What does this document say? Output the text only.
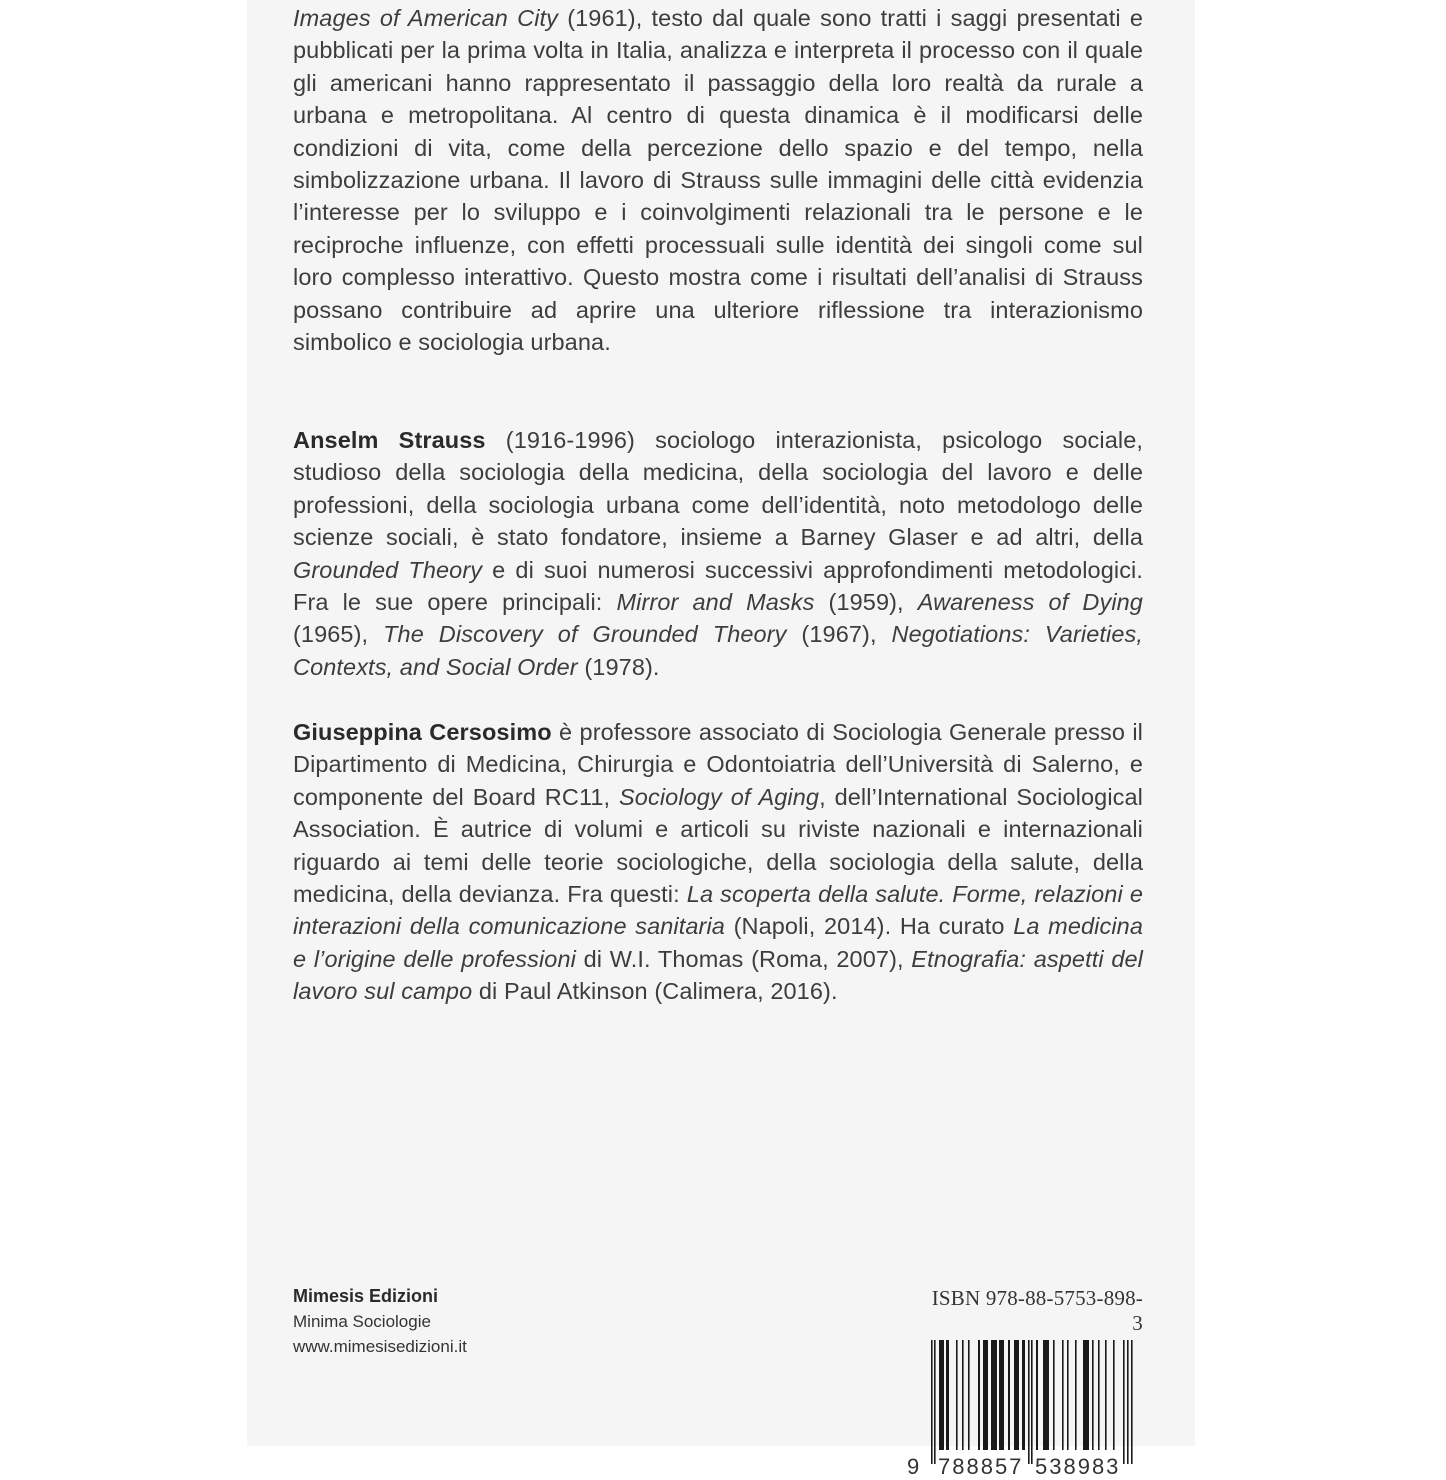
Images of American City (1961), testo dal quale sono tratti i saggi presentati e pubblicati per la prima volta in Italia, analizza e interpreta il processo con il quale gli americani hanno rappresentato il passaggio della loro realtà da rurale a urbana e metropolitana. Al centro di questa dinamica è il modificarsi delle condizioni di vita, come della percezione dello spazio e del tempo, nella simbolizzazione urbana. Il lavoro di Strauss sulle immagini delle città evidenzia l’interesse per lo sviluppo e i coinvolgimenti relazionali tra le persone e le reciproche influenze, con effetti processuali sulle identità dei singoli come sul loro complesso interattivo. Questo mostra come i risultati dell’analisi di Strauss possano contribuire ad aprire una ulteriore riflessione tra interazionismo simbolico e sociologia urbana.
Anselm Strauss (1916-1996) sociologo interazionista, psicologo sociale, studioso della sociologia della medicina, della sociologia del lavoro e delle professioni, della sociologia urbana come dell’identità, noto metodologo delle scienze sociali, è stato fondatore, insieme a Barney Glaser e ad altri, della Grounded Theory e di suoi numerosi successivi approfondimenti metodologici. Fra le sue opere principali: Mirror and Masks (1959), Awareness of Dying (1965), The Discovery of Grounded Theory (1967), Negotiations: Varieties, Contexts, and Social Order (1978).
Giuseppina Cersosimo è professore associato di Sociologia Generale presso il Dipartimento di Medicina, Chirurgia e Odontoiatria dell’Università di Salerno, e componente del Board RC11, Sociology of Aging, dell’International Sociological Association. È autrice di volumi e articoli su riviste nazionali e internazionali riguardo ai temi delle teorie sociologiche, della sociologia della salute, della medicina, della devianza. Fra questi: La scoperta della salute. Forme, relazioni e interazioni della comunicazione sanitaria (Napoli, 2014). Ha curato La medicina e l’origine delle professioni di W.I. Thomas (Roma, 2007), Etnografia: aspetti del lavoro sul campo di Paul Atkinson (Calimera, 2016).
Mimesis Edizioni
Minima Sociologie
www.mimesisedizioni.it
ISBN 978-88-5753-898-3
9 788857 538983
